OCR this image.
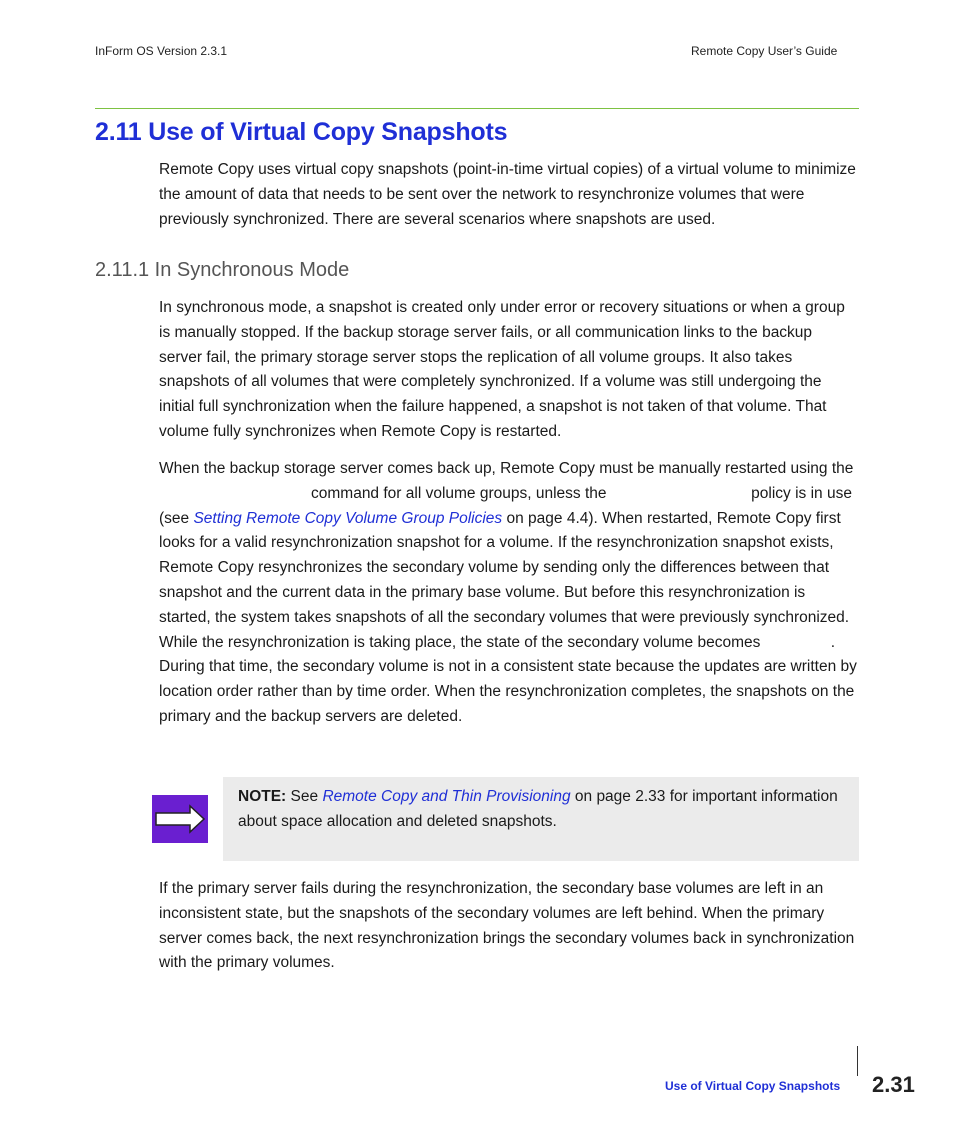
InForm OS Version 2.3.1	Remote Copy User’s Guide
2.11 Use of Virtual Copy Snapshots

Remote Copy uses virtual copy snapshots (point-in-time virtual copies) of a virtual volume to minimize the amount of data that needs to be sent over the network to resynchronize volumes that were previously synchronized. There are several scenarios where snapshots are used.

2.11.1 In Synchronous Mode

In synchronous mode, a snapshot is created only under error or recovery situations or when a group is manually stopped. If the backup storage server fails, or all communication links to the backup server fail, the primary storage server stops the replication of all volume groups. It also takes snapshots of all volumes that were completely synchronized. If a volume was still undergoing the initial full synchronization when the failure happened, a snapshot is not taken of that volume. That volume fully synchronizes when Remote Copy is restarted.

When the backup storage server comes back up, Remote Copy must be manually restarted using the command for all volume groups, unless the	policy is in use (see Setting Remote Copy Volume Group Policies on page 4.4). When restarted, Remote Copy first looks for a valid resynchronization snapshot for a volume. If the resynchronization snapshot exists, Remote Copy resynchronizes the secondary volume by sending only the differences between that snapshot and the current data in the primary base volume. But before this resynchronization is started, the system takes snapshots of all the secondary volumes that were previously synchronized. While the resynchronization is taking place, the state of the secondary volume becomes	. During that time, the secondary volume is not in a consistent state because the updates are written by location order rather than by time order. When the resynchronization completes, the snapshots on the primary and the backup servers are deleted.

NOTE: See Remote Copy and Thin Provisioning on page 2.33 for important information about space allocation and deleted snapshots.

If the primary server fails during the resynchronization, the secondary base volumes are left in an inconsistent state, but the snapshots of the secondary volumes are left behind. When the primary server comes back, the next resynchronization brings the secondary volumes back in synchronization with the primary volumes.

Use of Virtual Copy Snapshots 2.31
